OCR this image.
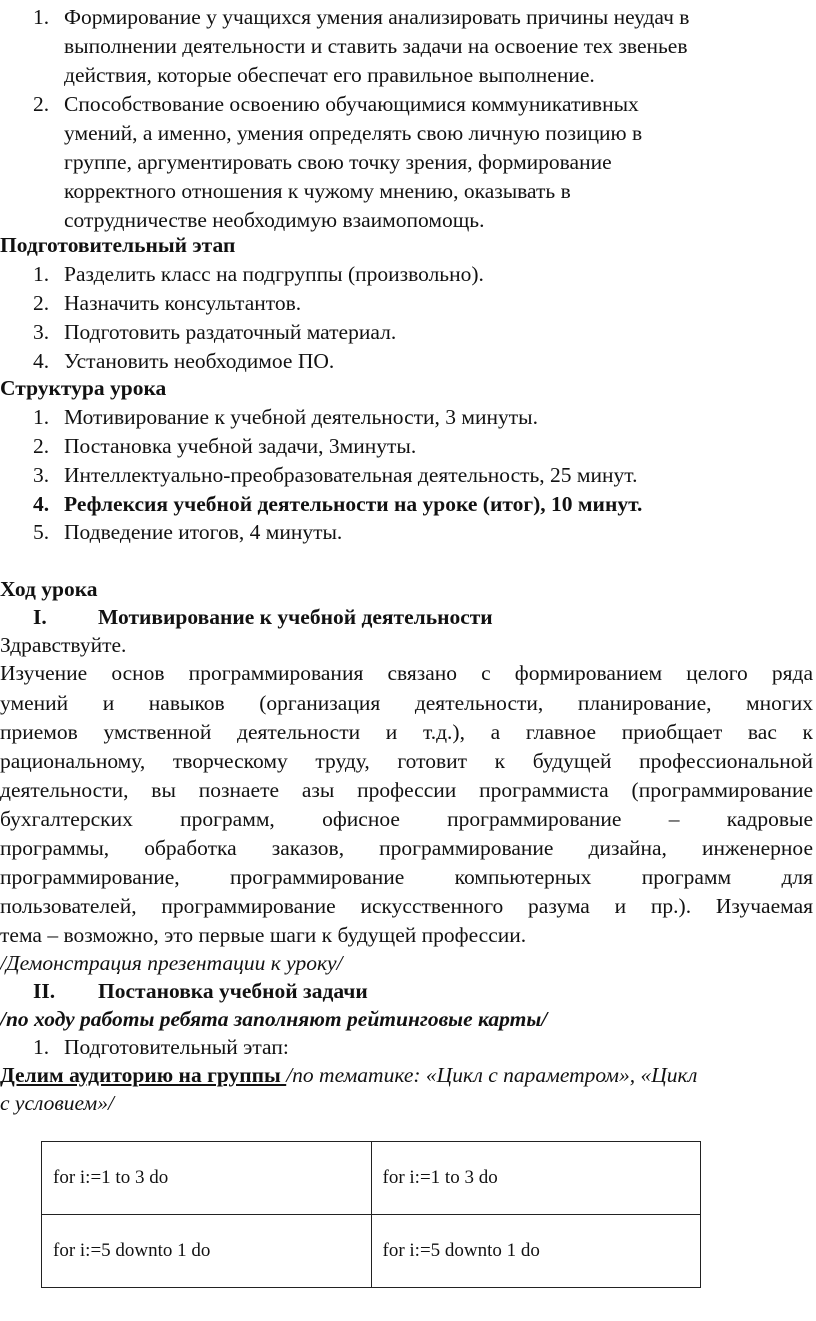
1. Формирование у учащихся умения анализировать причины неудач в
выполнении деятельности и ставить задачи на освоение тех звеньев
действия, которые обеспечат его правильное выполнение.
2. Способствование освоению обучающимися коммуникативных
умений, а именно, умения определять свою личную позицию в
группе, аргументировать свою точку зрения, формирование
корректного отношения к чужому мнению, оказывать в
сотрудничестве необходимую взаимопомощь.
Подготовительный этап
1. Разделить класс на подгруппы (произвольно).
2. Назначить консультантов.
3. Подготовить раздаточный материал.
4. Установить необходимое ПО.
Структура урока
1. Мотивирование к учебной деятельности, 3 минуты.
2. Постановка учебной задачи, 3минуты.
3. Интеллектуально-преобразовательная деятельность, 25 минут.
4. Рефлексия учебной деятельности на уроке (итог), 10 минут.
5. Подведение итогов, 4 минуты.
Ход урока
I. Мотивирование к учебной деятельности
Здравствуйте.
Изучение основ программирования связано с формированием целого ряда
умений и навыков (организация деятельности, планирование, многих
приемов умственной деятельности и т.д.), а главное приобщает вас к
рациональному, творческому труду, готовит к будущей профессиональной
деятельности, вы познаете азы профессии программиста (программирование
бухгалтерских программ, офисное программирование – кадровые
программы, обработка заказов, программирование дизайна, инженерное
программирование, программирование компьютерных программ для
пользователей, программирование искусственного разума и пр.). Изучаемая
тема – возможно, это первые шаги к будущей профессии.
/Демонстрация презентации к уроку/
II. Постановка учебной задачи
/по ходу работы ребята заполняют рейтинговые карты/
1. Подготовительный этап:
Делим аудиторию на группы /по тематике: «Цикл с параметром», «Цикл
с условием»/
for i:=1 to 3 do	for i:=1 to 3 do
for i:=5 downto 1 do	for i:=5 downto 1 do
